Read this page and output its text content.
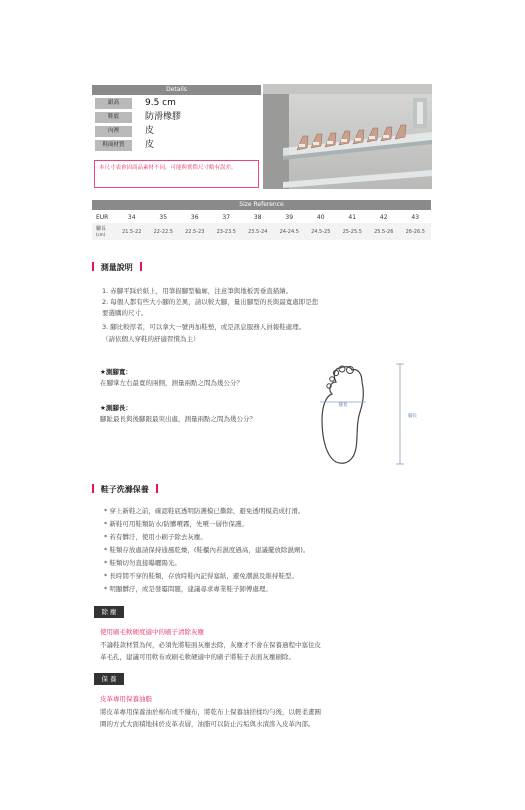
Details
跟高	9.5 cm
鞋底	防滑橡膠
內裡	皮
鞋面材質	皮
本尺寸表會因商品素材不同，可能與實際尺寸略有誤差。
Size Reference
EUR	34	35	36	37	38	39	40	41	42	43
腳長
(cm)	21.5-22	22-22.5	22.5-23	23-23.5	23.5-24	24-24.5	24.5-25	25-25.5	25.5-26	26-26.5
測量說明
1. 赤腳平踩於紙上，用筆描腳型輪廓，注意筆與地板需垂直描繪。
2. 每個人都有些大小腳的差異，請以較大腳，量出腳型的長與最寬處即是您
要選購的尺寸。
3. 腳比較厚者，可以拿大一號再加鞋墊，或是訊息服務人員報鞋處理。
（請依個人穿鞋的舒適習慣為主）
★測腳寬：
在腳掌左右最寬的兩側，測量兩點之間為幾公分？
★測腳長：
腳趾最長與後腳跟最突出處，測量兩點之間為幾公分？
腳寬
腳長
鞋子洗滌保養
* 穿上新鞋之前，確認鞋底透明防護模已撕除，避免透明模造成打滑。
* 新鞋可用鞋類防水/防髒噴霧，先噴一層作保護。
* 若有髒汙，使用小刷子除去灰塵。
* 鞋類存放處請保持通風乾燥，(鞋櫃內若濕度過高，建議擺放除濕劑)。
* 鞋類切勿直接曝曬陽光。
* 長時間不穿的鞋類，存放時鞋內記得塞紙，避免潮濕及維持鞋型。
* 明顯髒汙，或是發霉問題，建議尋求專業鞋子師傅處理。
除 塵
使用刷毛軟硬度適中的刷子清除灰塵
不論鞋款材質為何，必須先將鞋面灰塵去除，灰塵才不會在保養過程中塞住皮
革毛孔，建議可用軟布或刷毛軟硬適中的刷子將鞋子表面灰塵刷除。
保 養
皮革專用保養油脂
將皮革專用保養油於棉布或不織布，將乾布上保養油搓揉均勻後，以輕柔畫圓
圈的方式大面積地抹於皮革表層，油脂可以防止污垢與水漬滲入皮革內部。
